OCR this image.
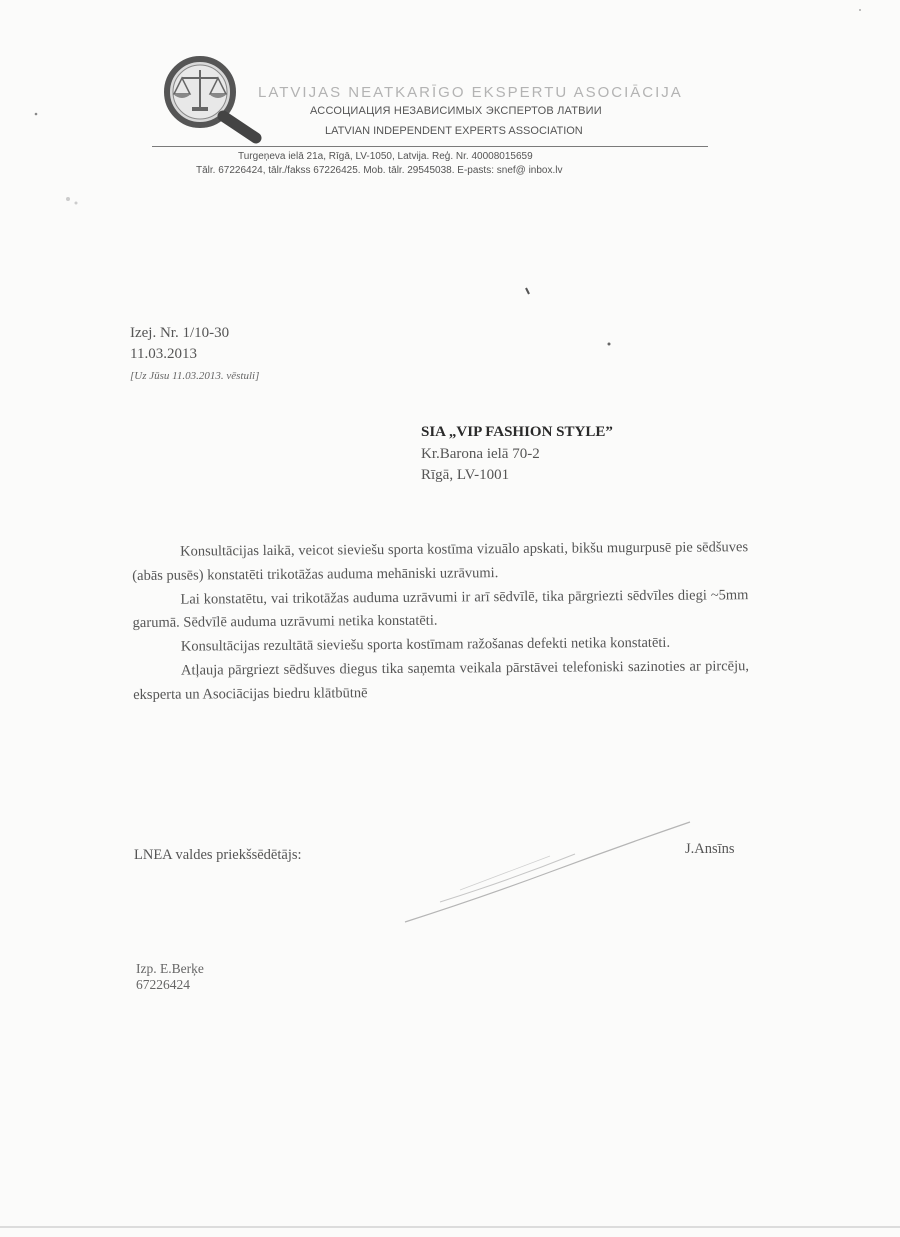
LATVIJAS NEATKARĪGO EKSPERTU ASOCIĀCIJA
АССОЦИАЦИЯ НЕЗАВИСИМЫХ ЭКСПЕРТОВ ЛАТВИИ
LATVIAN INDEPENDENT EXPERTS ASSOCIATION
Turgeņeva ielā 21a, Rīgā, LV-1050, Latvija. Reģ. Nr. 40008015659
Tālr. 67226424, tālr./fakss 67226425. Mob. tālr. 29545038. E-pasts: snef@ inbox.lv
Izej. Nr. 1/10-30
11.03.2013
[Uz Jūsu 11.03.2013. vēstuli]
SIA „VIP FASHION STYLE”
Kr.Barona ielā 70-2
Rīgā, LV-1001

Konsultācijas laikā, veicot sieviešu sporta kostīma vizuālo apskati, bikšu mugurpusē pie sēdšuves (abās pusēs) konstatēti trikotāžas auduma mehāniski uzrāvumi.

Lai konstatētu, vai trikotāžas auduma uzrāvumi ir arī sēdvīlē, tika pārgriezti sēdvīles diegi ~5mm garumā. Sēdvīlē auduma uzrāvumi netika konstatēti.

Konsultācijas rezultātā sieviešu sporta kostīmam ražošanas defekti netika konstatēti.

Atļauja pārgriezt sēdšuves diegus tika saņemta veikala pārstāvei telefoniski sazinoties ar pircēju, eksperta un Asociācijas biedru klātbūtnē

LNEA valdes priekšsēdētājs:	J.Ansīns
Izp. E.Berķe
67226424
